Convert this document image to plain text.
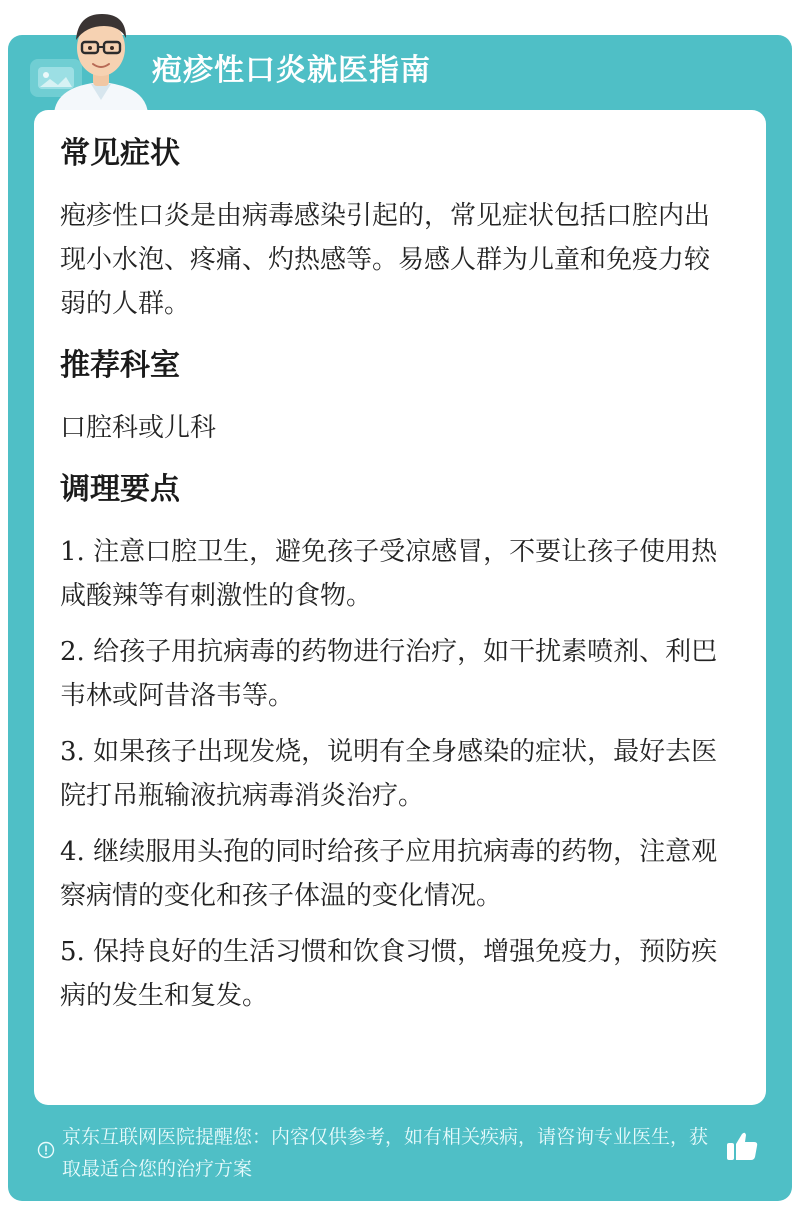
疱疹性口炎就医指南
常见症状

疱疹性口炎是由病毒感染引起的，常见症状包括口腔内出现小水泡、疼痛、灼热感等。易感人群为儿童和免疫力较弱的人群。

推荐科室

口腔科或儿科

调理要点

1. 注意口腔卫生，避免孩子受凉感冒，不要让孩子使用热咸酸辣等有刺激性的食物。

2. 给孩子用抗病毒的药物进行治疗，如干扰素喷剂、利巴韦林或阿昔洛韦等。

3. 如果孩子出现发烧，说明有全身感染的症状，最好去医院打吊瓶输液抗病毒消炎治疗。

4. 继续服用头孢的同时给孩子应用抗病毒的药物，注意观察病情的变化和孩子体温的变化情况。

5. 保持良好的生活习惯和饮食习惯，增强免疫力，预防疾病的发生和复发。

京东互联网医院提醒您：内容仅供参考，如有相关疾病，请咨询专业医生，获取最适合您的治疗方案
